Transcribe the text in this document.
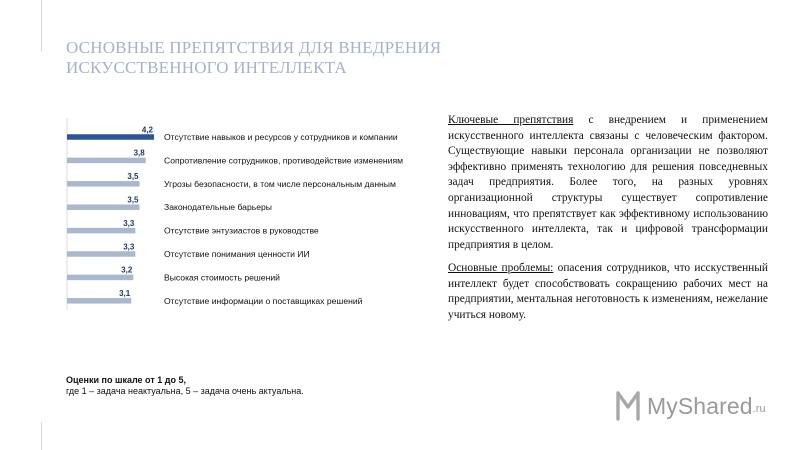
ОСНОВНЫЕ ПРЕПЯТСТВИЯ ДЛЯ ВНЕДРЕНИЯ
ИСКУССТВЕННОГО ИНТЕЛЛЕКТА
4,2
Отсутствие навыков и ресурсов у сотрудников и компании
3,8
Сопротивление сотрудников, противодействие изменениям
3,5
Угрозы безопасности, в том числе персональным данным
3,5
Законодательные барьеры
3,3
Отсутствие энтузиастов в руководстве
3,3
Отсутствие понимания ценности ИИ
3,2
Высокая стоимость решений
3,1
Отсутствие информации о поставщиках решений
Оценки по шкале от 1 до 5,
где 1 – задача неактуальна, 5 – задача очень актуальна.
Ключевые препятствия с внедрением и применением искусственного интеллекта связаны с человеческим фактором. Существующие навыки персонала организации не позволяют эффективно применять технологию для решения повседневных задач предприятия. Более того, на разных уровнях организационной структуры существует сопротивление инновациям, что препятствует как эффективному использованию искусственного интеллекта, так и цифровой трансформации предприятия в целом.
Основные проблемы: опасения сотрудников, что исскуственный интеллект будет способствовать сокращению рабочих мест на предприятии, ментальная неготовность к изменениям, нежелание учиться новому.
MyShared.ru
